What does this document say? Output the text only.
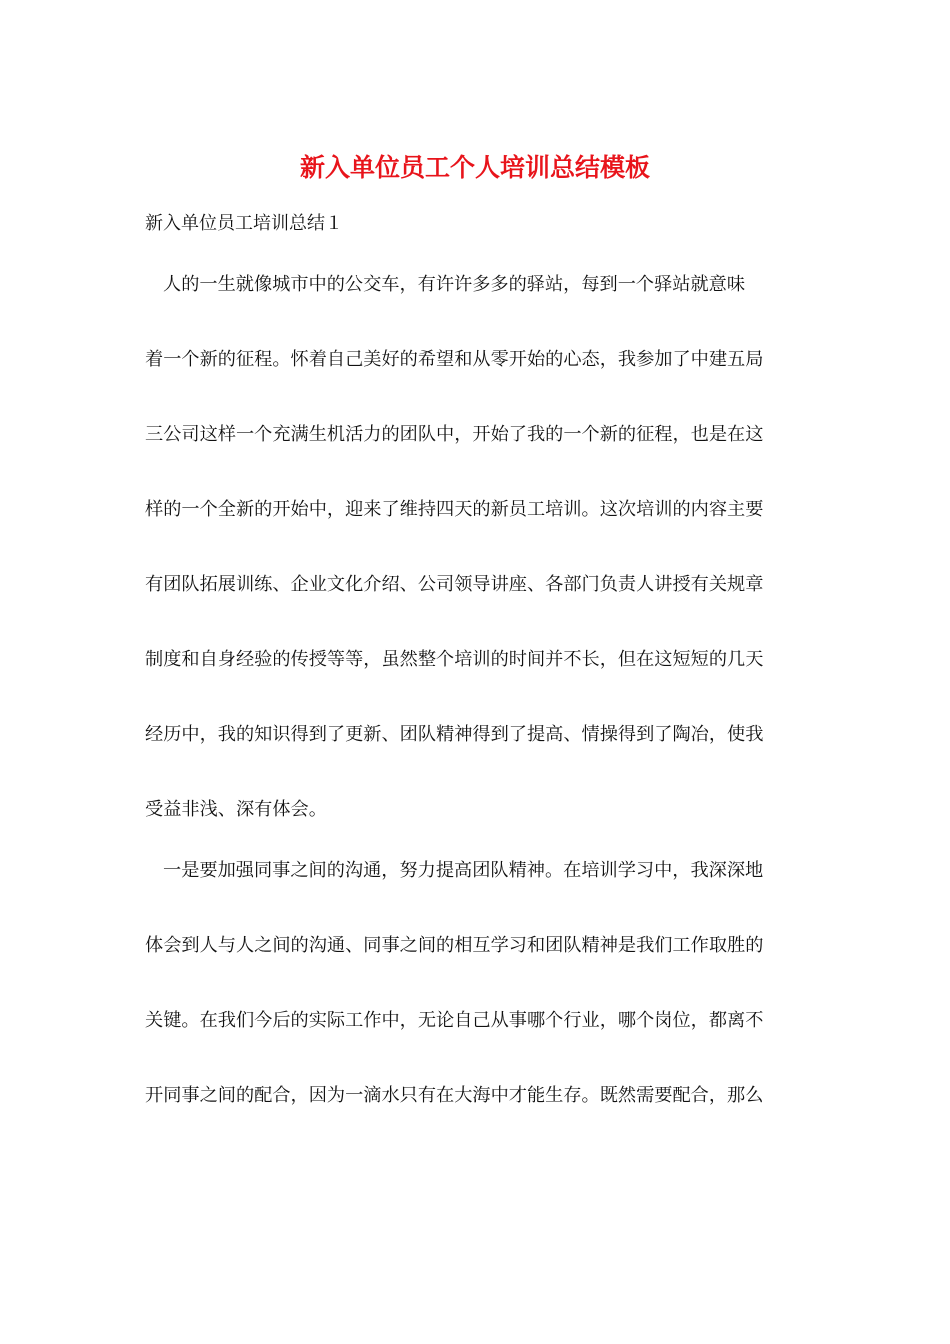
新入单位员工个人培训总结模板

新入单位员工培训总结１

人的一生就像城市中的公交车，有许许多多的驿站，每到一个驿站就意味

着一个新的征程。怀着自己美好的希望和从零开始的心态，我参加了中建五局

三公司这样一个充满生机活力的团队中，开始了我的一个新的征程，也是在这

样的一个全新的开始中，迎来了维持四天的新员工培训。这次培训的内容主要

有团队拓展训练、企业文化介绍、公司领导讲座、各部门负责人讲授有关规章

制度和自身经验的传授等等，虽然整个培训的时间并不长，但在这短短的几天

经历中，我的知识得到了更新、团队精神得到了提高、情操得到了陶冶，使我

受益非浅、深有体会。

一是要加强同事之间的沟通，努力提高团队精神。在培训学习中，我深深地

体会到人与人之间的沟通、同事之间的相互学习和团队精神是我们工作取胜的

关键。在我们今后的实际工作中，无论自己从事哪个行业，哪个岗位，都离不

开同事之间的配合，因为一滴水只有在大海中才能生存。既然需要配合，那么
